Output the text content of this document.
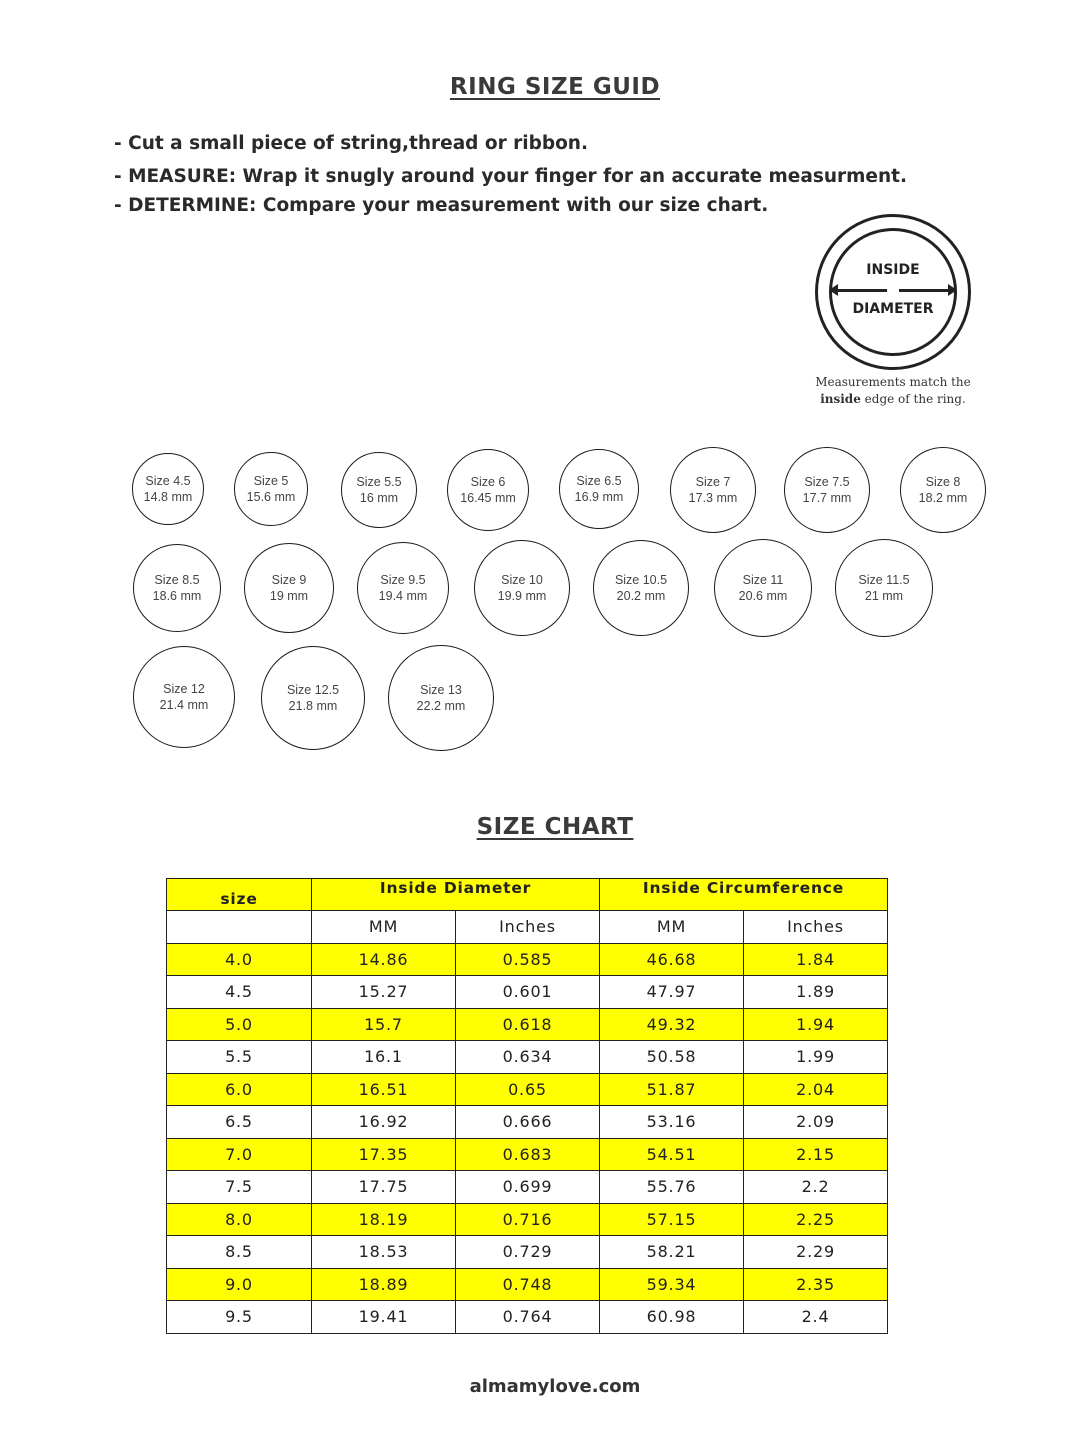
RING SIZE GUID
- Cut a small piece of string,thread or ribbon.
- MEASURE: Wrap it snugly around your finger for an accurate measurment.
- DETERMINE: Compare your measurement with our size chart.
INSIDE
DIAMETER
Measurements match the
inside edge of the ring.
Size 4.5
14.8 mm
Size 5
15.6 mm
Size 5.5
16 mm
Size 6
16.45 mm
Size 6.5
16.9 mm
Size 7
17.3 mm
Size 7.5
17.7 mm
Size 8
18.2 mm
Size 8.5
18.6 mm
Size 9
19 mm
Size 9.5
19.4 mm
Size 10
19.9 mm
Size 10.5
20.2 mm
Size 11
20.6 mm
Size 11.5
21 mm
Size 12
21.4 mm
Size 12.5
21.8 mm
Size 13
22.2 mm
SIZE CHART
size	Inside Diameter		Inside Circumference	
	MM	Inches	MM	Inches
4.0	14.86	0.585	46.68	1.84
4.5	15.27	0.601	47.97	1.89
5.0	15.7	0.618	49.32	1.94
5.5	16.1	0.634	50.58	1.99
6.0	16.51	0.65	51.87	2.04
6.5	16.92	0.666	53.16	2.09
7.0	17.35	0.683	54.51	2.15
7.5	17.75	0.699	55.76	2.2
8.0	18.19	0.716	57.15	2.25
8.5	18.53	0.729	58.21	2.29
9.0	18.89	0.748	59.34	2.35
9.5	19.41	0.764	60.98	2.4
almamylove.com
